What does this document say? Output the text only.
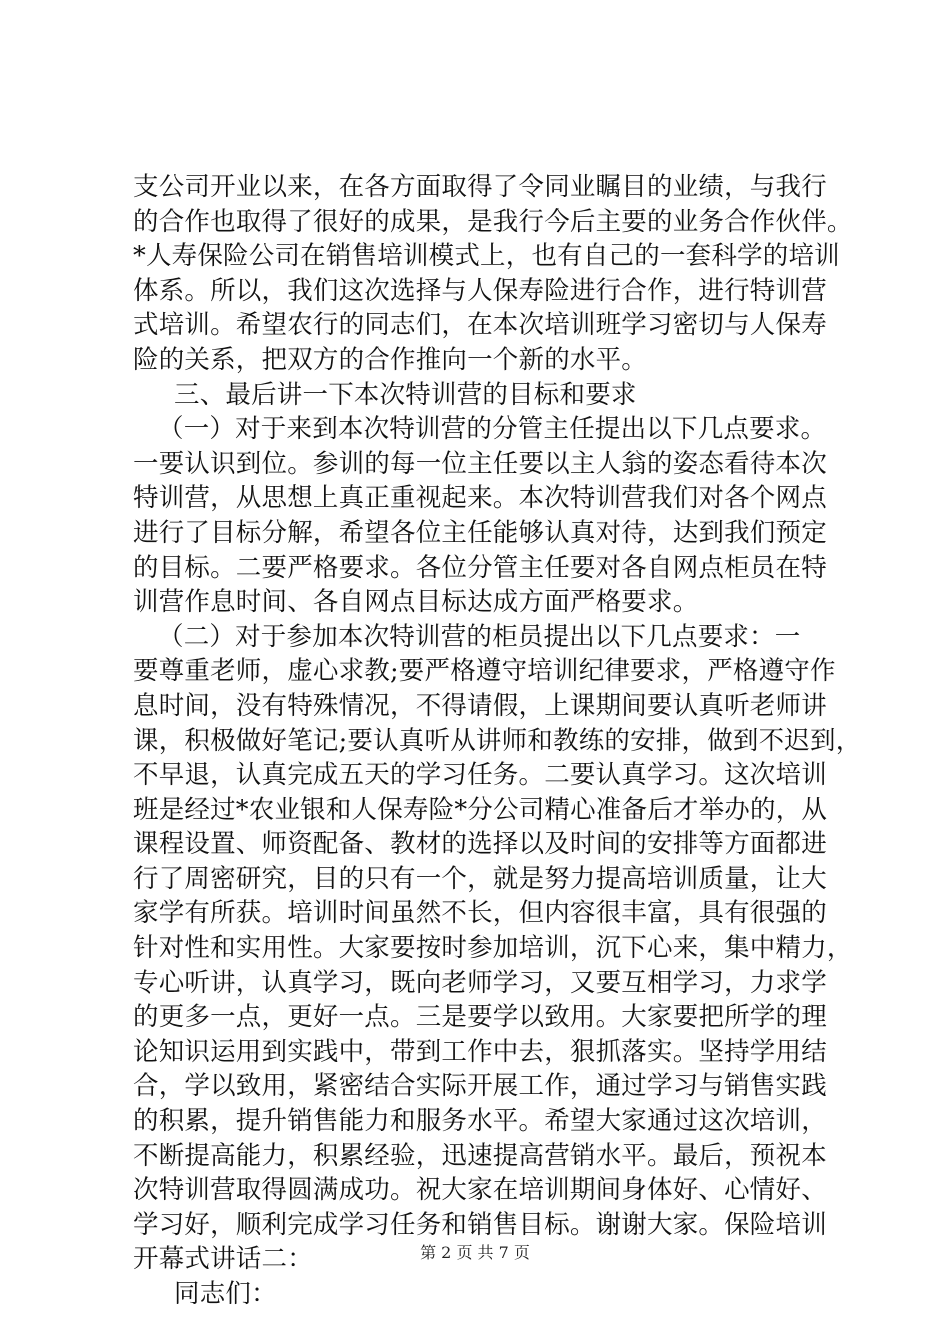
支公司开业以来，在各方面取得了令同业瞩目的业绩，与我行
的合作也取得了很好的成果，是我行今后主要的业务合作伙伴。
*人寿保险公司在销售培训模式上，也有自己的一套科学的培训
体系。所以，我们这次选择与人保寿险进行合作，进行特训营
式培训。希望农行的同志们，在本次培训班学习密切与人保寿
险的关系，把双方的合作推向一个新的水平。
三、最后讲一下本次特训营的目标和要求
（一）对于来到本次特训营的分管主任提出以下几点要求。
一要认识到位。参训的每一位主任要以主人翁的姿态看待本次
特训营，从思想上真正重视起来。本次特训营我们对各个网点
进行了目标分解，希望各位主任能够认真对待，达到我们预定
的目标。二要严格要求。各位分管主任要对各自网点柜员在特
训营作息时间、各自网点目标达成方面严格要求。
（二）对于参加本次特训营的柜员提出以下几点要求：一
要尊重老师，虚心求教;要严格遵守培训纪律要求，严格遵守作
息时间，没有特殊情况，不得请假，上课期间要认真听老师讲
课，积极做好笔记;要认真听从讲师和教练的安排，做到不迟到，
不早退，认真完成五天的学习任务。二要认真学习。这次培训
班是经过*农业银和人保寿险*分公司精心准备后才举办的，从
课程设置、师资配备、教材的选择以及时间的安排等方面都进
行了周密研究，目的只有一个，就是努力提高培训质量，让大
家学有所获。培训时间虽然不长，但内容很丰富，具有很强的
针对性和实用性。大家要按时参加培训，沉下心来，集中精力，
专心听讲，认真学习，既向老师学习，又要互相学习，力求学
的更多一点，更好一点。三是要学以致用。大家要把所学的理
论知识运用到实践中，带到工作中去，狠抓落实。坚持学用结
合，学以致用，紧密结合实际开展工作，通过学习与销售实践
的积累，提升销售能力和服务水平。希望大家通过这次培训，
不断提高能力，积累经验，迅速提高营销水平。最后，预祝本
次特训营取得圆满成功。祝大家在培训期间身体好、心情好、
学习好，顺利完成学习任务和销售目标。谢谢大家。保险培训
开幕式讲话二：
同志们：
第 2 页 共 7 页
